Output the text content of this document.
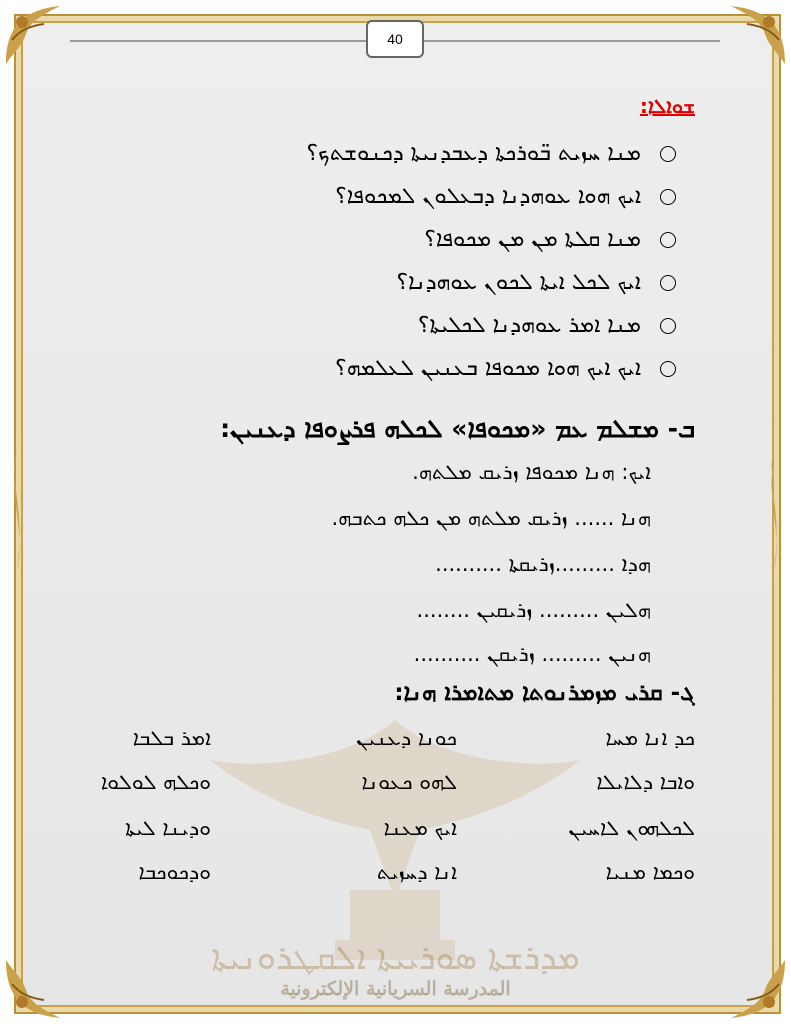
40
ܡܕܪܫܬܐ ܣܘܪܝܝܬܐ ܐܠܩܛܪܘܢܝܬܐ
المدرسة السريانية الإلكترونية
ܫܘܐܠܐ:
ܡܢܐ ܚܙܝܬ ܒ̈ܘܪܟܬܐ ܕܥܒܕܢܝܬܐ ܕܟܢܘܫܬܟ؟
ܐܝܟ ܗܘܐ ܥܘܗܕܢܐ ܕܒܥܠܘܢ ܠܡܟܘܦܐ؟
ܡܢܐ ܩܠܬܐ ܡܢ ܡܢ ܡܟܘܦܐ؟
ܐܝܟ ܠܟܠ ܐܝܬܐ ܠܟܘܢ ܥܘܗܕܢܐ؟
ܡܢܐ ܐܡܪ ܥܘܗܕܢܐ ܠܟܠܝܬܐ؟
ܐܝܟ ܐܝܟ ܗܘܐ ܡܟܘܦܐ ܒܥܢܝܢ ܠܥܠܡܗ؟
ܒ- ܡܫܠܡ ܥܡ «ܡܟܘܦܐ» ܠܟܠܗ ܦܪܨܘܦܐ ܕܥܢܝܢ:
ܐܝܟ: ܗܢܐ ܡܟܘܦܐ ܙܪܝܩ ܡܠܬܗ.
ܗܢܐ ...... ܙܪܝܩ ܡܠܬܗ ܡܢ ܟܠܗ ܟܬܒܗ.
ܗܕܐ .........ܙܪܝܩܬܐ ..........
ܗܠܝܢ ......... ܙܪܝܩܝܢ ........
ܗܢܝܢ ......... ܙܪܝܩܢ ..........
ܓ- ܩܪܝ ܡܙܡܪܢܘܬܐ ܡܬܐܡܪܐ ܗܢܐ:
ܟܕ ܐܢܐ ܡܚܐ
ܟܘܢܐ ܕܥܢܝܢ
ܐܡܪ ܒܠܒܐ
ܘܐܒܐ ܕܠܐܝܠܐ
ܠܗܘ ܟܥܘܢܐ
ܘܟܠܗ ܠܘܠܘܐ
ܠܟܠܗܘܢ ܠܐܚܝܢ
ܐܝܟ ܡܥܢܐ
ܘܕܝܢܐ ܠܝܬܐ
ܘܟܡܐ ܡܢܝܐ
ܐܢܐ ܕܚܙܝܬ
ܘܕܟܘܟܒܐ
